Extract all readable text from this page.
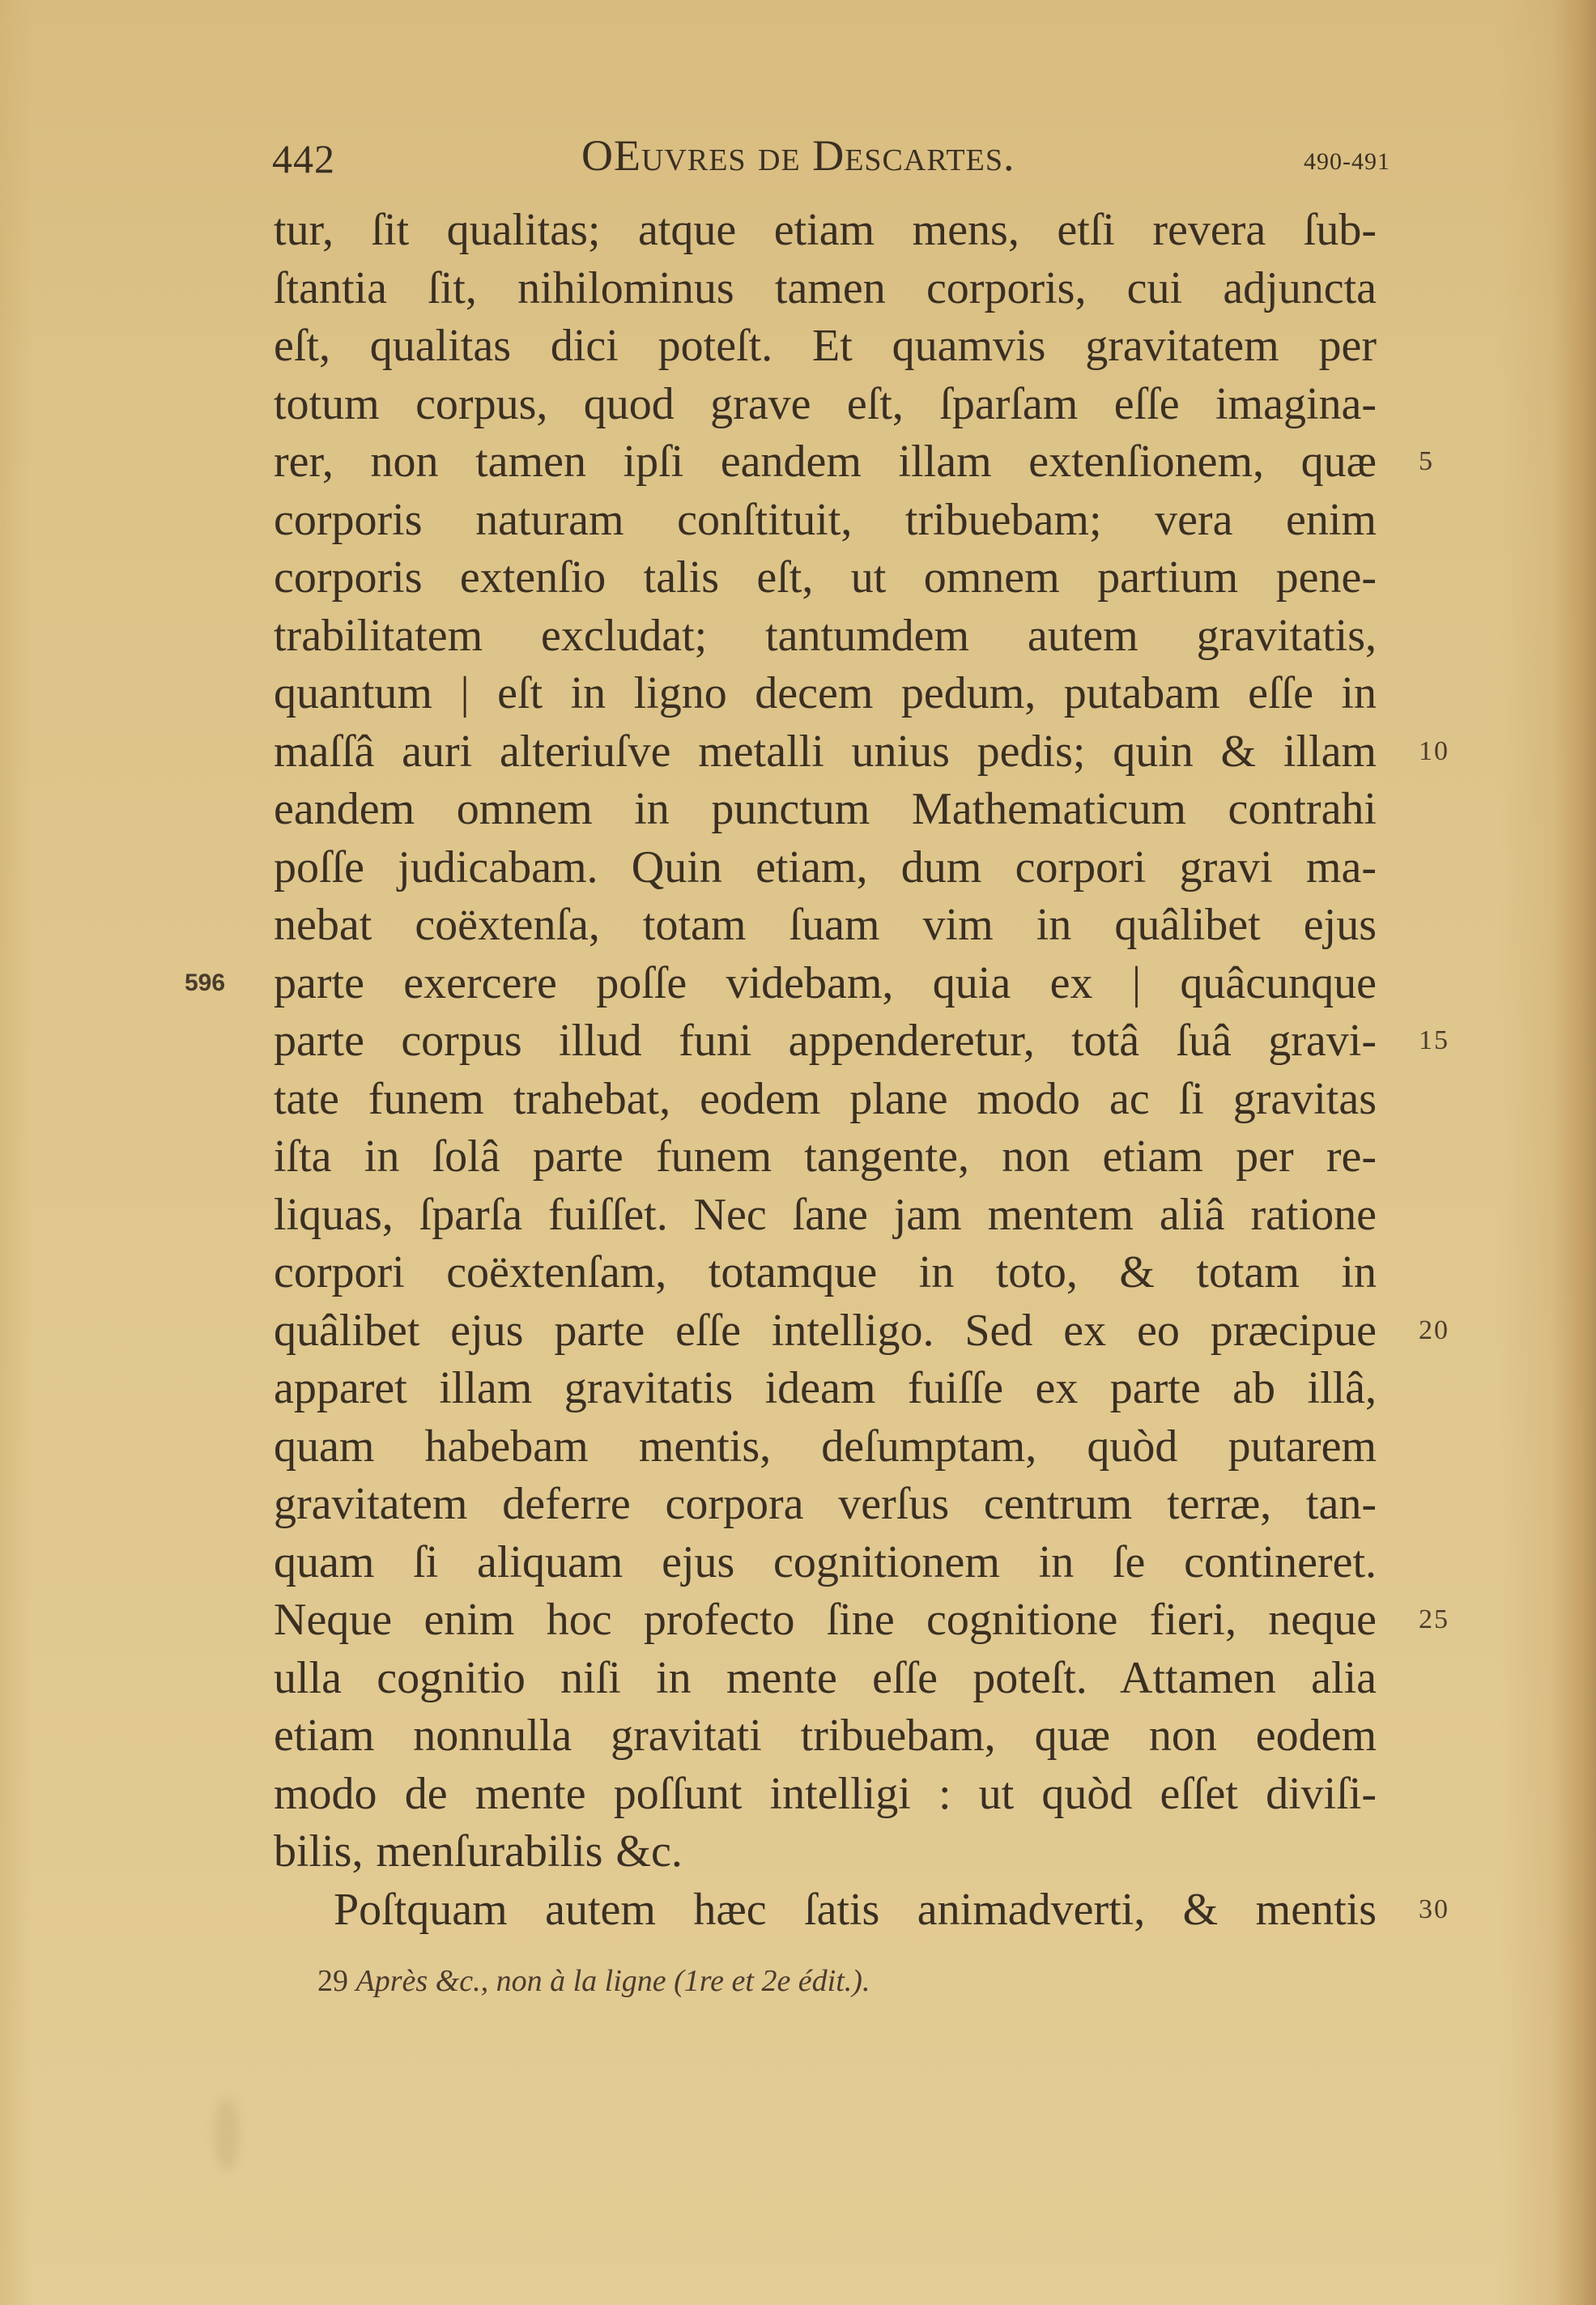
442	OEuvres de Descartes.	490-491
tur, ſit qualitas; atque etiam mens, etſi revera ſub-
ſtantia ſit, nihilominus tamen corporis, cui adjuncta
eſt, qualitas dici poteſt. Et quamvis gravitatem per
totum corpus, quod grave eſt, ſparſam eſſe imagina-
rer, non tamen ipſi eandem illam extenſionem, quæ
corporis naturam conſtituit, tribuebam; vera enim
corporis extenſio talis eſt, ut omnem partium pene-
trabilitatem excludat; tantumdem autem gravitatis,
quantum | eſt in ligno decem pedum, putabam eſſe in
maſſâ auri alteriuſve metalli unius pedis; quin & illam
eandem omnem in punctum Mathematicum contrahi
poſſe judicabam. Quin etiam, dum corpori gravi ma-
nebat coëxtenſa, totam ſuam vim in quâlibet ejus
parte exercere poſſe videbam, quia ex | quâcunque
parte corpus illud funi appenderetur, totâ ſuâ gravi-
tate funem trahebat, eodem plane modo ac ſi gravitas
iſta in ſolâ parte funem tangente, non etiam per re-
liquas, ſparſa fuiſſet. Nec ſane jam mentem aliâ ratione
corpori coëxtenſam, totamque in toto, & totam in
quâlibet ejus parte eſſe intelligo. Sed ex eo præcipue
apparet illam gravitatis ideam fuiſſe ex parte ab illâ,
quam habebam mentis, deſumptam, quòd putarem
gravitatem deferre corpora verſus centrum terræ, tan-
quam ſi aliquam ejus cognitionem in ſe contineret.
Neque enim hoc profecto ſine cognitione fieri, neque
ulla cognitio niſi in mente eſſe poteſt. Attamen alia
etiam nonnulla gravitati tribuebam, quæ non eodem
modo de mente poſſunt intelligi : ut quòd eſſet diviſi-
bilis, menſurabilis &c.
Poſtquam autem hæc ſatis animadverti, & mentis
596
5
10
15
20
25
30
29 Après &c., non à la ligne (1re et 2e édit.).
